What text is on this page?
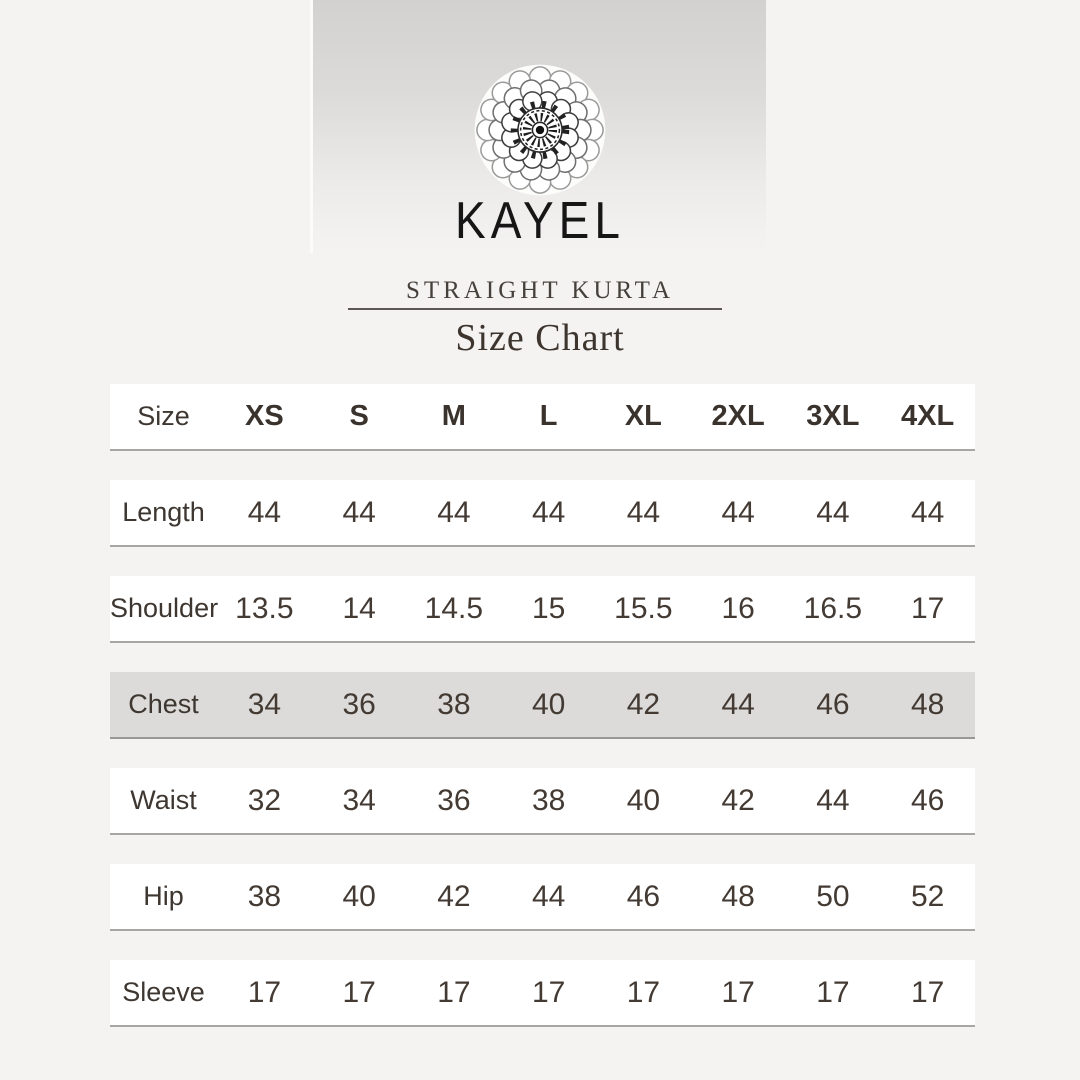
KAYEL
STRAIGHT KURTA
Size Chart
Size	XS	S	M	L	XL	2XL	3XL	4XL
Length	44	44	44	44	44	44	44	44
Shoulder 13.5	14	14.5	15	15.5	16	16.5	17
Chest	34	36	38	40	42	44	46	48
Waist	32	34	36	38	40	42	44	46
Hip	38	40	42	44	46	48	50	52
Sleeve	17	17	17	17	17	17	17	17
